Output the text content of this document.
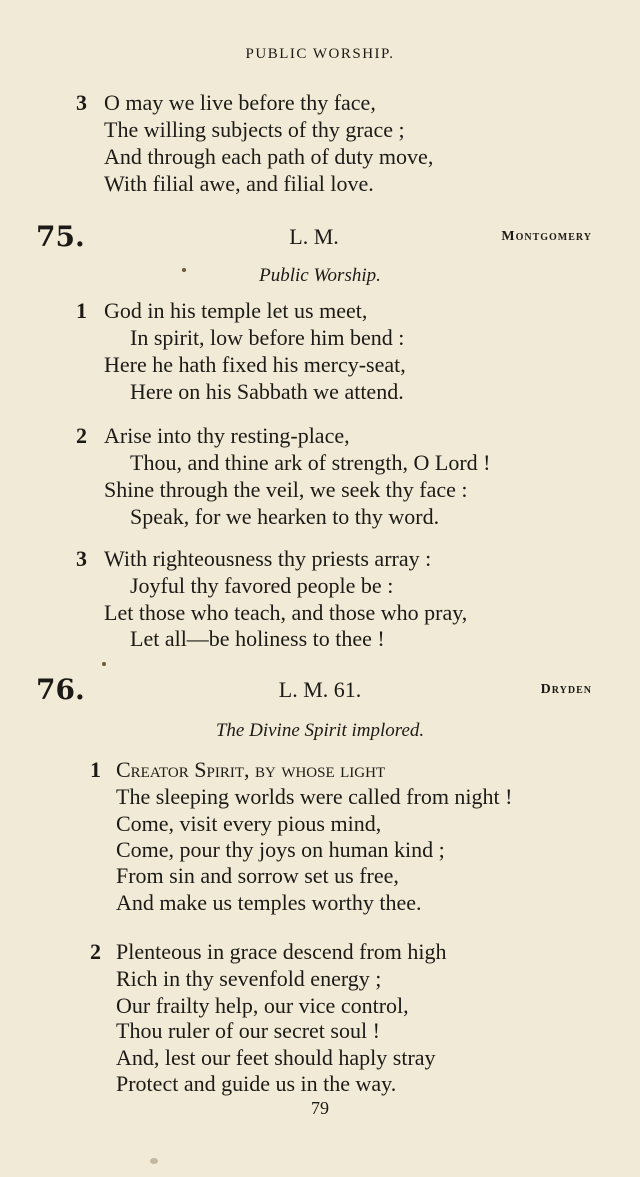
PUBLIC WORSHIP.
3 O may we live before thy face,
The willing subjects of thy grace ;
And through each path of duty move,
With filial awe, and filial love.
75.	L. M.	Montgomery
Public Worship.
1 God in his temple let us meet,
In spirit, low before him bend :
Here he hath fixed his mercy-seat,
Here on his Sabbath we attend.
2 Arise into thy resting-place,
Thou, and thine ark of strength, O Lord !
Shine through the veil, we seek thy face :
Speak, for we hearken to thy word.
3 With righteousness thy priests array :
Joyful thy favored people be :
Let those who teach, and those who pray,
Let all—be holiness to thee !
76.	L. M. 61.	Dryden
The Divine Spirit implored.
1 Creator Spirit, by whose light
The sleeping worlds were called from night !
Come, visit every pious mind,
Come, pour thy joys on human kind ;
From sin and sorrow set us free,
And make us temples worthy thee.
2 Plenteous in grace descend from high
Rich in thy sevenfold energy ;
Our frailty help, our vice control,
Thou ruler of our secret soul !
And, lest our feet should haply stray
Protect and guide us in the way.
79
